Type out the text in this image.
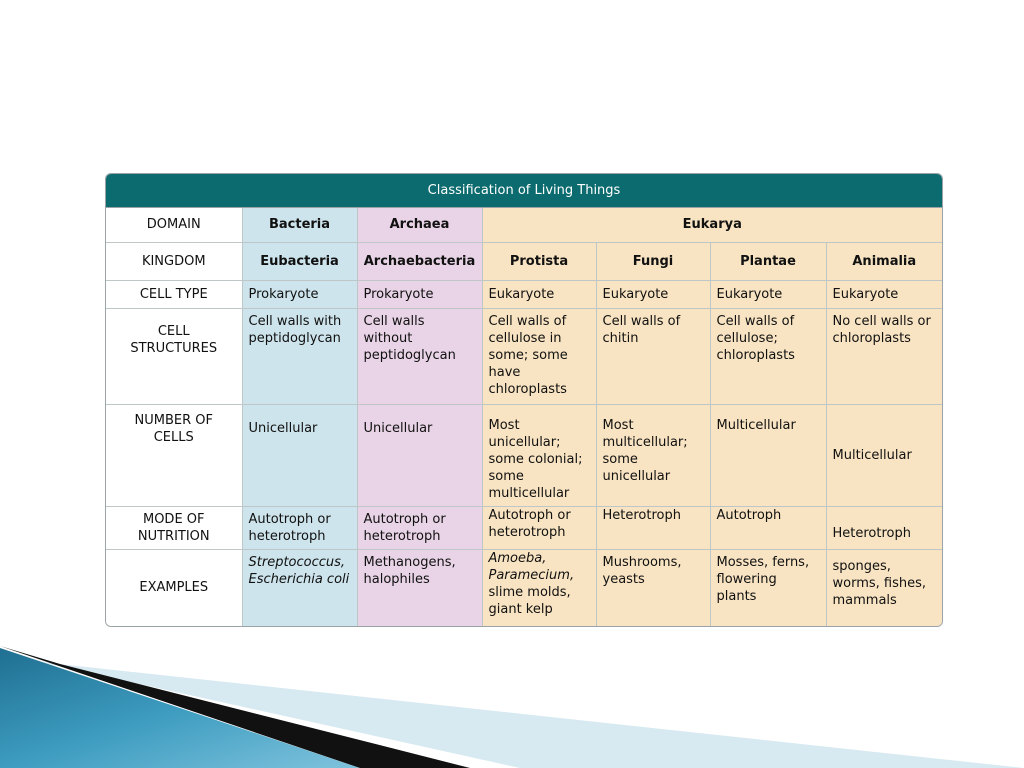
Classification of Living Things
DOMAIN	Bacteria	Archaea	Eukarya			
KINGDOM	Eubacteria	Archaebacteria	Protista	Fungi	Plantae	Animalia
CELL TYPE	Prokaryote	Prokaryote	Eukaryote	Eukaryote	Eukaryote	Eukaryote
CELL
STRUCTURES	Cell walls with peptidoglycan	Cell walls without peptidoglycan	Cell walls of cellulose in some; some have chloroplasts	Cell walls of chitin	Cell walls of cellulose; chloroplasts	No cell walls or chloroplasts
NUMBER OF
CELLS	Unicellular	Unicellular	Most unicellular; some colonial; some multicellular	Most multicellular; some unicellular	Multicellular	Multicellular
MODE OF
NUTRITION	Autotroph or heterotroph	Autotroph or heterotroph	Autotroph or heterotroph	Heterotroph	Autotroph	Heterotroph
EXAMPLES	Streptococcus, Escherichia coli	Methanogens, halophiles	Amoeba, Paramecium, slime molds, giant kelp	Mushrooms, yeasts	Mosses, ferns, flowering plants	sponges, worms, fishes, mammals
